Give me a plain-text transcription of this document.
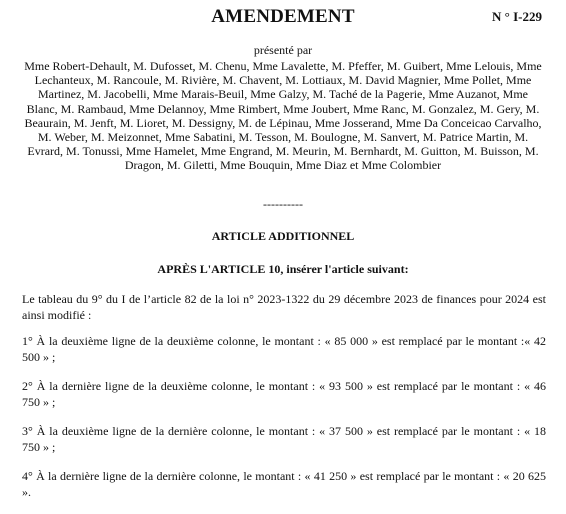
AMENDEMENT	N ° I-229
présenté par
Mme Robert-Dehault, M. Dufosset, M. Chenu, Mme Lavalette, M. Pfeffer, M. Guibert, Mme Lelouis, Mme Lechanteux, M. Rancoule, M. Rivière, M. Chavent, M. Lottiaux, M. David Magnier, Mme Pollet, Mme Martinez, M. Jacobelli, Mme Marais-Beuil, Mme Galzy, M. Taché de la Pagerie, Mme Auzanot, Mme Blanc, M. Rambaud, Mme Delannoy, Mme Rimbert, Mme Joubert, Mme Ranc, M. Gonzalez, M. Gery, M. Beaurain, M. Jenft, M. Lioret, M. Dessigny, M. de Lépinau, Mme Josserand, Mme Da Conceicao Carvalho, M. Weber, M. Meizonnet, Mme Sabatini, M. Tesson, M. Boulogne, M. Sanvert, M. Patrice Martin, M. Evrard, M. Tonussi, Mme Hamelet, Mme Engrand, M. Meurin, M. Bernhardt, M. Guitton, M. Buisson, M. Dragon, M. Giletti, Mme Bouquin, Mme Diaz et Mme Colombier
----------
ARTICLE ADDITIONNEL
APRÈS L'ARTICLE 10, insérer l'article suivant:
Le tableau du 9° du I de l’article 82 de la loi n° 2023-1322 du 29 décembre 2023 de finances pour 2024 est ainsi modifié :
1° À la deuxième ligne de la deuxième colonne, le montant : « 85 000 » est remplacé par le montant :« 42 500 » ;
2° À la dernière ligne de la deuxième colonne, le montant : « 93 500 » est remplacé par le montant : « 46 750 » ;
3° À la deuxième ligne de la dernière colonne, le montant : « 37 500 » est remplacé par le montant : « 18 750 » ;
4° À la dernière ligne de la dernière colonne, le montant : « 41 250 » est remplacé par le montant : « 20 625 ».
